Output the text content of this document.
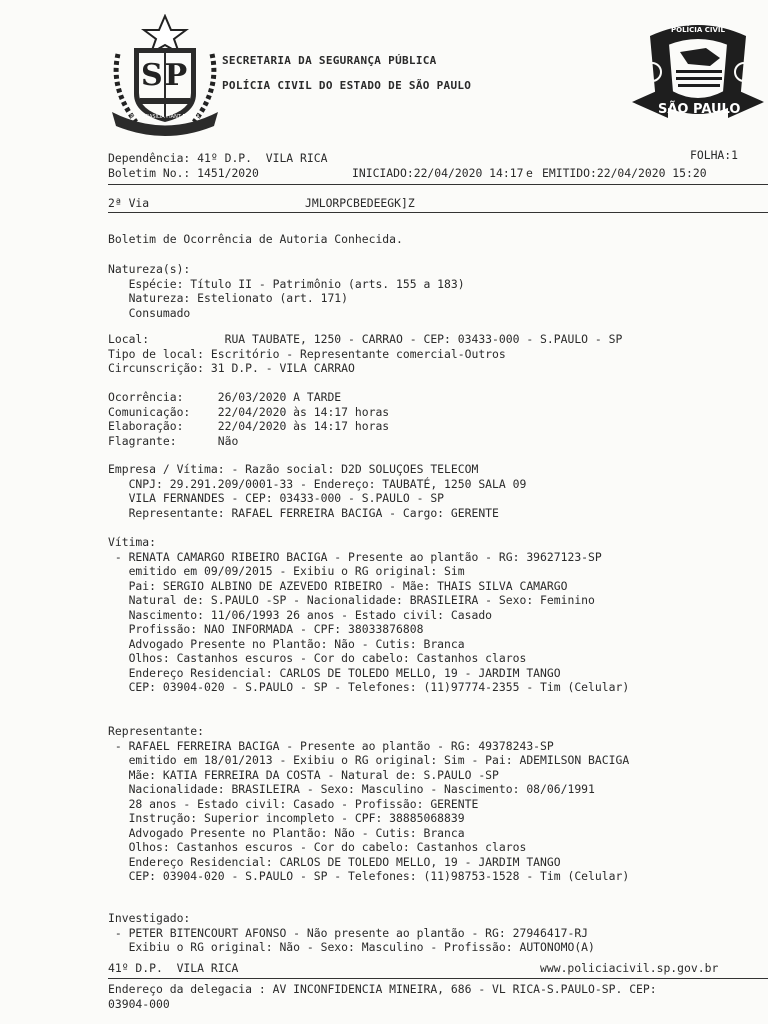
SP
PRO BRASILIA FIANT EXIMIA
SECRETARIA DA SEGURANÇA PÚBLICA
POLÍCIA CIVIL DO ESTADO DE SÃO PAULO
POLÍCIA CIVIL
SÃO PAULO
Dependência: 41º D.P.  VILA RICA	FOLHA:1
Boletim No.: 1451/2020	INICIADO:22/04/2020 14:17 e EMITIDO:22/04/2020 15:20
2ª Via	JMLORPCBEDEEGK]Z
Boletim de Ocorrência de Autoria Conhecida.
Natureza(s):
Espécie: Título II - Patrimônio (arts. 155 a 183)
Natureza: Estelionato (art. 171)
Consumado
Local:           RUA TAUBATE, 1250 - CARRAO - CEP: 03433-000 - S.PAULO - SP
Tipo de local: Escritório - Representante comercial-Outros
Circunscrição: 31 D.P. - VILA CARRAO
Ocorrência:     26/03/2020 A TARDE
Comunicação:    22/04/2020 às 14:17 horas
Elaboração:     22/04/2020 às 14:17 horas
Flagrante:      Não
Empresa / Vítima: - Razão social: D2D SOLUÇOES TELECOM
CNPJ: 29.291.209/0001-33 - Endereço: TAUBATÉ, 1250 SALA 09
VILA FERNANDES - CEP: 03433-000 - S.PAULO - SP
Representante: RAFAEL FERREIRA BACIGA - Cargo: GERENTE
Vítima:
- RENATA CAMARGO RIBEIRO BACIGA - Presente ao plantão - RG: 39627123-SP
emitido em 09/09/2015 - Exibiu o RG original: Sim
Pai: SERGIO ALBINO DE AZEVEDO RIBEIRO - Mãe: THAIS SILVA CAMARGO
Natural de: S.PAULO -SP - Nacionalidade: BRASILEIRA - Sexo: Feminino
Nascimento: 11/06/1993 26 anos - Estado civil: Casado
Profissão: NAO INFORMADA - CPF: 38033876808
Advogado Presente no Plantão: Não - Cutis: Branca
Olhos: Castanhos escuros - Cor do cabelo: Castanhos claros
Endereço Residencial: CARLOS DE TOLEDO MELLO, 19 - JARDIM TANGO
CEP: 03904-020 - S.PAULO - SP - Telefones: (11)97774-2355 - Tim (Celular)
Representante:
- RAFAEL FERREIRA BACIGA - Presente ao plantão - RG: 49378243-SP
emitido em 18/01/2013 - Exibiu o RG original: Sim - Pai: ADEMILSON BACIGA
Mãe: KATIA FERREIRA DA COSTA - Natural de: S.PAULO -SP
Nacionalidade: BRASILEIRA - Sexo: Masculino - Nascimento: 08/06/1991
28 anos - Estado civil: Casado - Profissão: GERENTE
Instrução: Superior incompleto - CPF: 38885068839
Advogado Presente no Plantão: Não - Cutis: Branca
Olhos: Castanhos escuros - Cor do cabelo: Castanhos claros
Endereço Residencial: CARLOS DE TOLEDO MELLO, 19 - JARDIM TANGO
CEP: 03904-020 - S.PAULO - SP - Telefones: (11)98753-1528 - Tim (Celular)
Investigado:
- PETER BITENCOURT AFONSO - Não presente ao plantão - RG: 27946417-RJ
Exibiu o RG original: Não - Sexo: Masculino - Profissão: AUTONOMO(A)
41º D.P.  VILA RICA	www.policiacivil.sp.gov.br
Endereço da delegacia : AV INCONFIDENCIA MINEIRA, 686 - VL RICA-S.PAULO-SP. CEP:
03904-000
